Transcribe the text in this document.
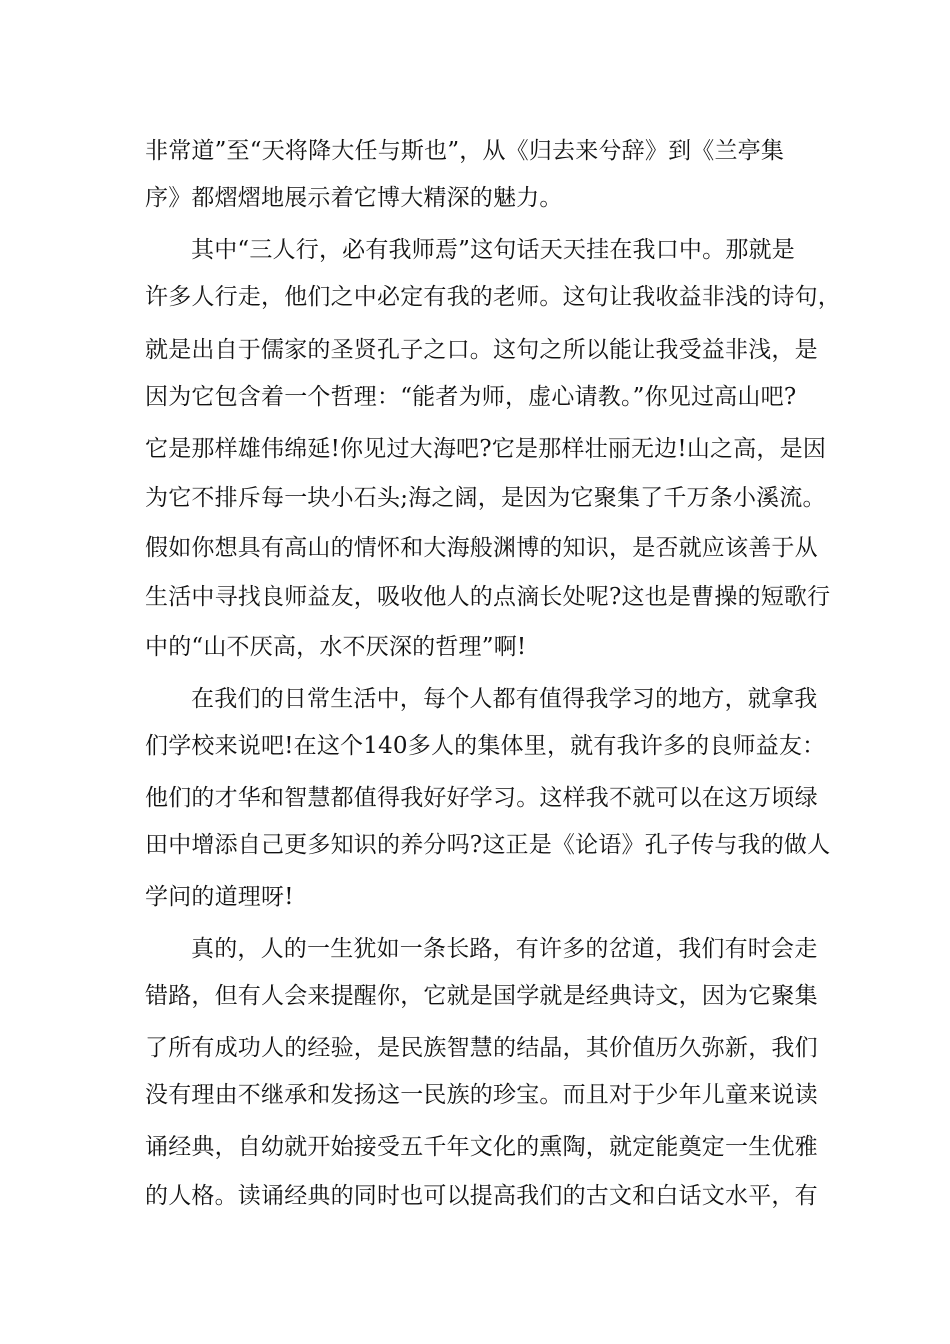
非常道”至“天将降大任与斯也”，从《归去来兮辞》到《兰亭集
序》都熠熠地展示着它博大精深的魅力。
其中“三人行，必有我师焉”这句话天天挂在我口中。那就是
许多人行走，他们之中必定有我的老师。这句让我收益非浅的诗句，
就是出自于儒家的圣贤孔子之口。这句之所以能让我受益非浅，是
因为它包含着一个哲理：“能者为师，虚心请教。”你见过高山吧?
它是那样雄伟绵延!你见过大海吧?它是那样壮丽无边!山之高，是因
为它不排斥每一块小石头;海之阔，是因为它聚集了千万条小溪流。
假如你想具有高山的情怀和大海般渊博的知识，是否就应该善于从
生活中寻找良师益友，吸收他人的点滴长处呢?这也是曹操的短歌行
中的“山不厌高，水不厌深的哲理”啊!
在我们的日常生活中，每个人都有值得我学习的地方，就拿我
们学校来说吧!在这个140多人的集体里，就有我许多的良师益友：
他们的才华和智慧都值得我好好学习。这样我不就可以在这万顷绿
田中增添自己更多知识的养分吗?这正是《论语》孔子传与我的做人
学问的道理呀!
真的，人的一生犹如一条长路，有许多的岔道，我们有时会走
错路，但有人会来提醒你，它就是国学就是经典诗文，因为它聚集
了所有成功人的经验，是民族智慧的结晶，其价值历久弥新，我们
没有理由不继承和发扬这一民族的珍宝。而且对于少年儿童来说读
诵经典，自幼就开始接受五千年文化的熏陶，就定能奠定一生优雅
的人格。读诵经典的同时也可以提高我们的古文和白话文水平，有
